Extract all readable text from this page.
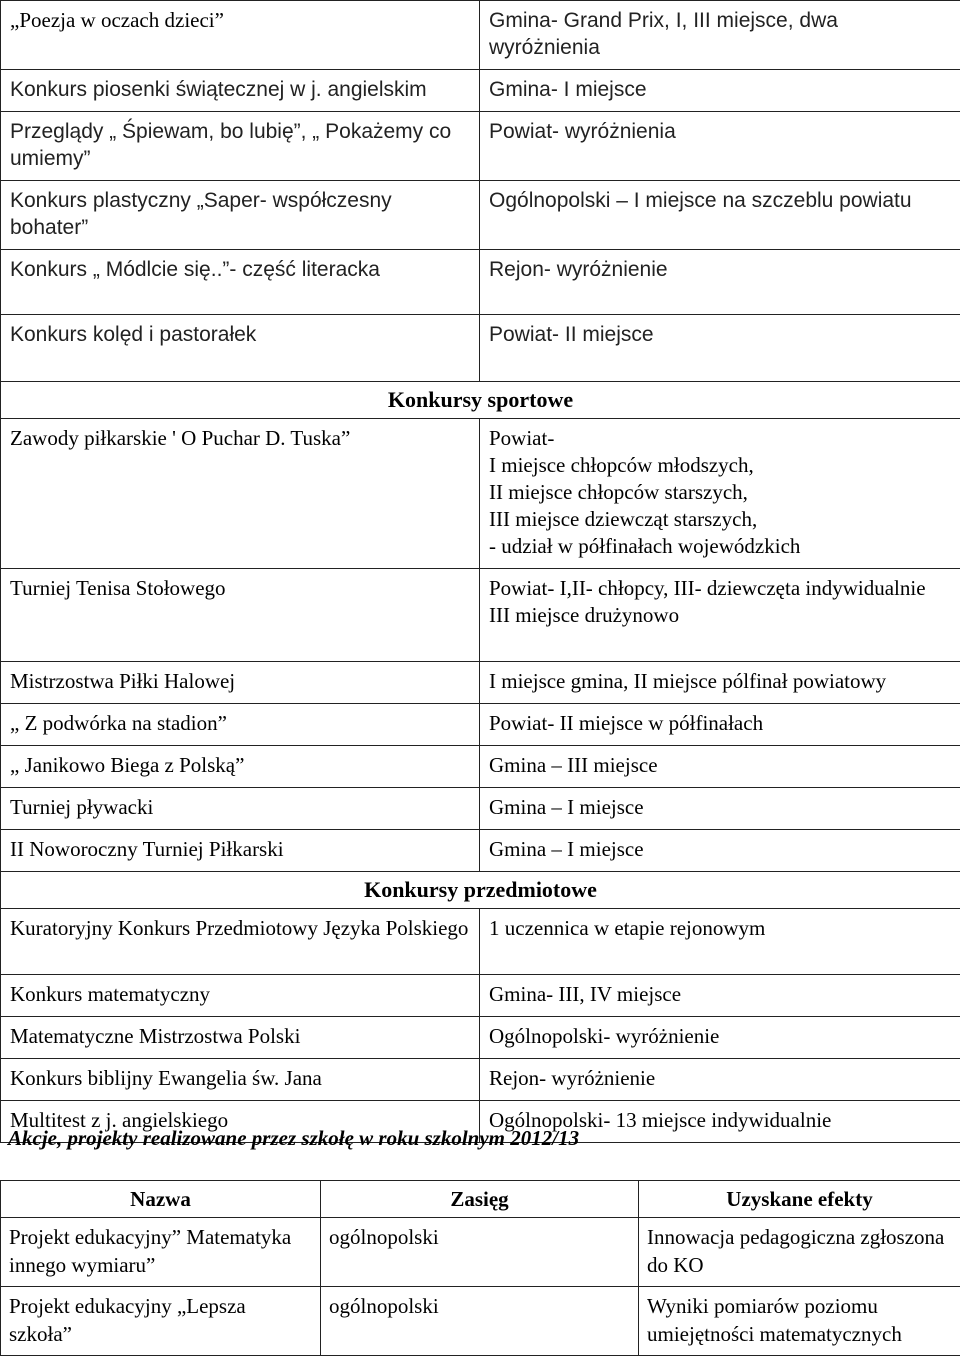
„Poezja w oczach dzieci”	Gmina- Grand Prix, I, III miejsce, dwa wyróżnienia
Konkurs piosenki świątecznej w j. angielskim	Gmina- I miejsce
Przeglądy „ Śpiewam, bo lubię”, „ Pokażemy co umiemy”	Powiat- wyróżnienia
Konkurs plastyczny „Saper- współczesny bohater”	Ogólnopolski – I miejsce na szczeblu powiatu
Konkurs „ Módlcie się..”- część literacka	Rejon- wyróżnienie
Konkurs kolęd i pastorałek	Powiat- II miejsce
Konkursy sportowe	
Zawody piłkarskie ' O Puchar D. Tuska”	Powiat-
I miejsce chłopców młodszych,
II miejsce chłopców starszych,
III miejsce dziewcząt starszych,
- udział w półfinałach wojewódzkich

Turniej Tenisa Stołowego	Powiat- I,II- chłopcy, III- dziewczęta indywidualnie
III miejsce drużynowo

Mistrzostwa Piłki Halowej	I miejsce gmina, II miejsce pólfinał powiatowy
„ Z podwórka na stadion”	Powiat- II miejsce w półfinałach
„ Janikowo Biega z Polską”	Gmina – III miejsce
Turniej pływacki	Gmina – I miejsce
II Noworoczny Turniej Piłkarski	Gmina – I miejsce
Konkursy przedmiotowe	
Kuratoryjny Konkurs Przedmiotowy Języka Polskiego	1 uczennica w etapie rejonowym
Konkurs matematyczny	Gmina- III, IV miejsce
Matematyczne Mistrzostwa Polski	Ogólnopolski- wyróżnienie
Konkurs biblijny Ewangelia św. Jana	Rejon- wyróżnienie
Multitest z j. angielskiego	Ogólnopolski- 13 miejsce indywidualnie
Akcje, projekty realizowane przez szkołę w roku szkolnym 2012/13
Nazwa	Zasięg	Uzyskane efekty
Projekt edukacyjny” Matematyka innego wymiaru”	ogólnopolski	Innowacja pedagogiczna zgłoszona do KO
Projekt edukacyjny „Lepsza szkoła”	ogólnopolski	Wyniki pomiarów poziomu umiejętności matematycznych
